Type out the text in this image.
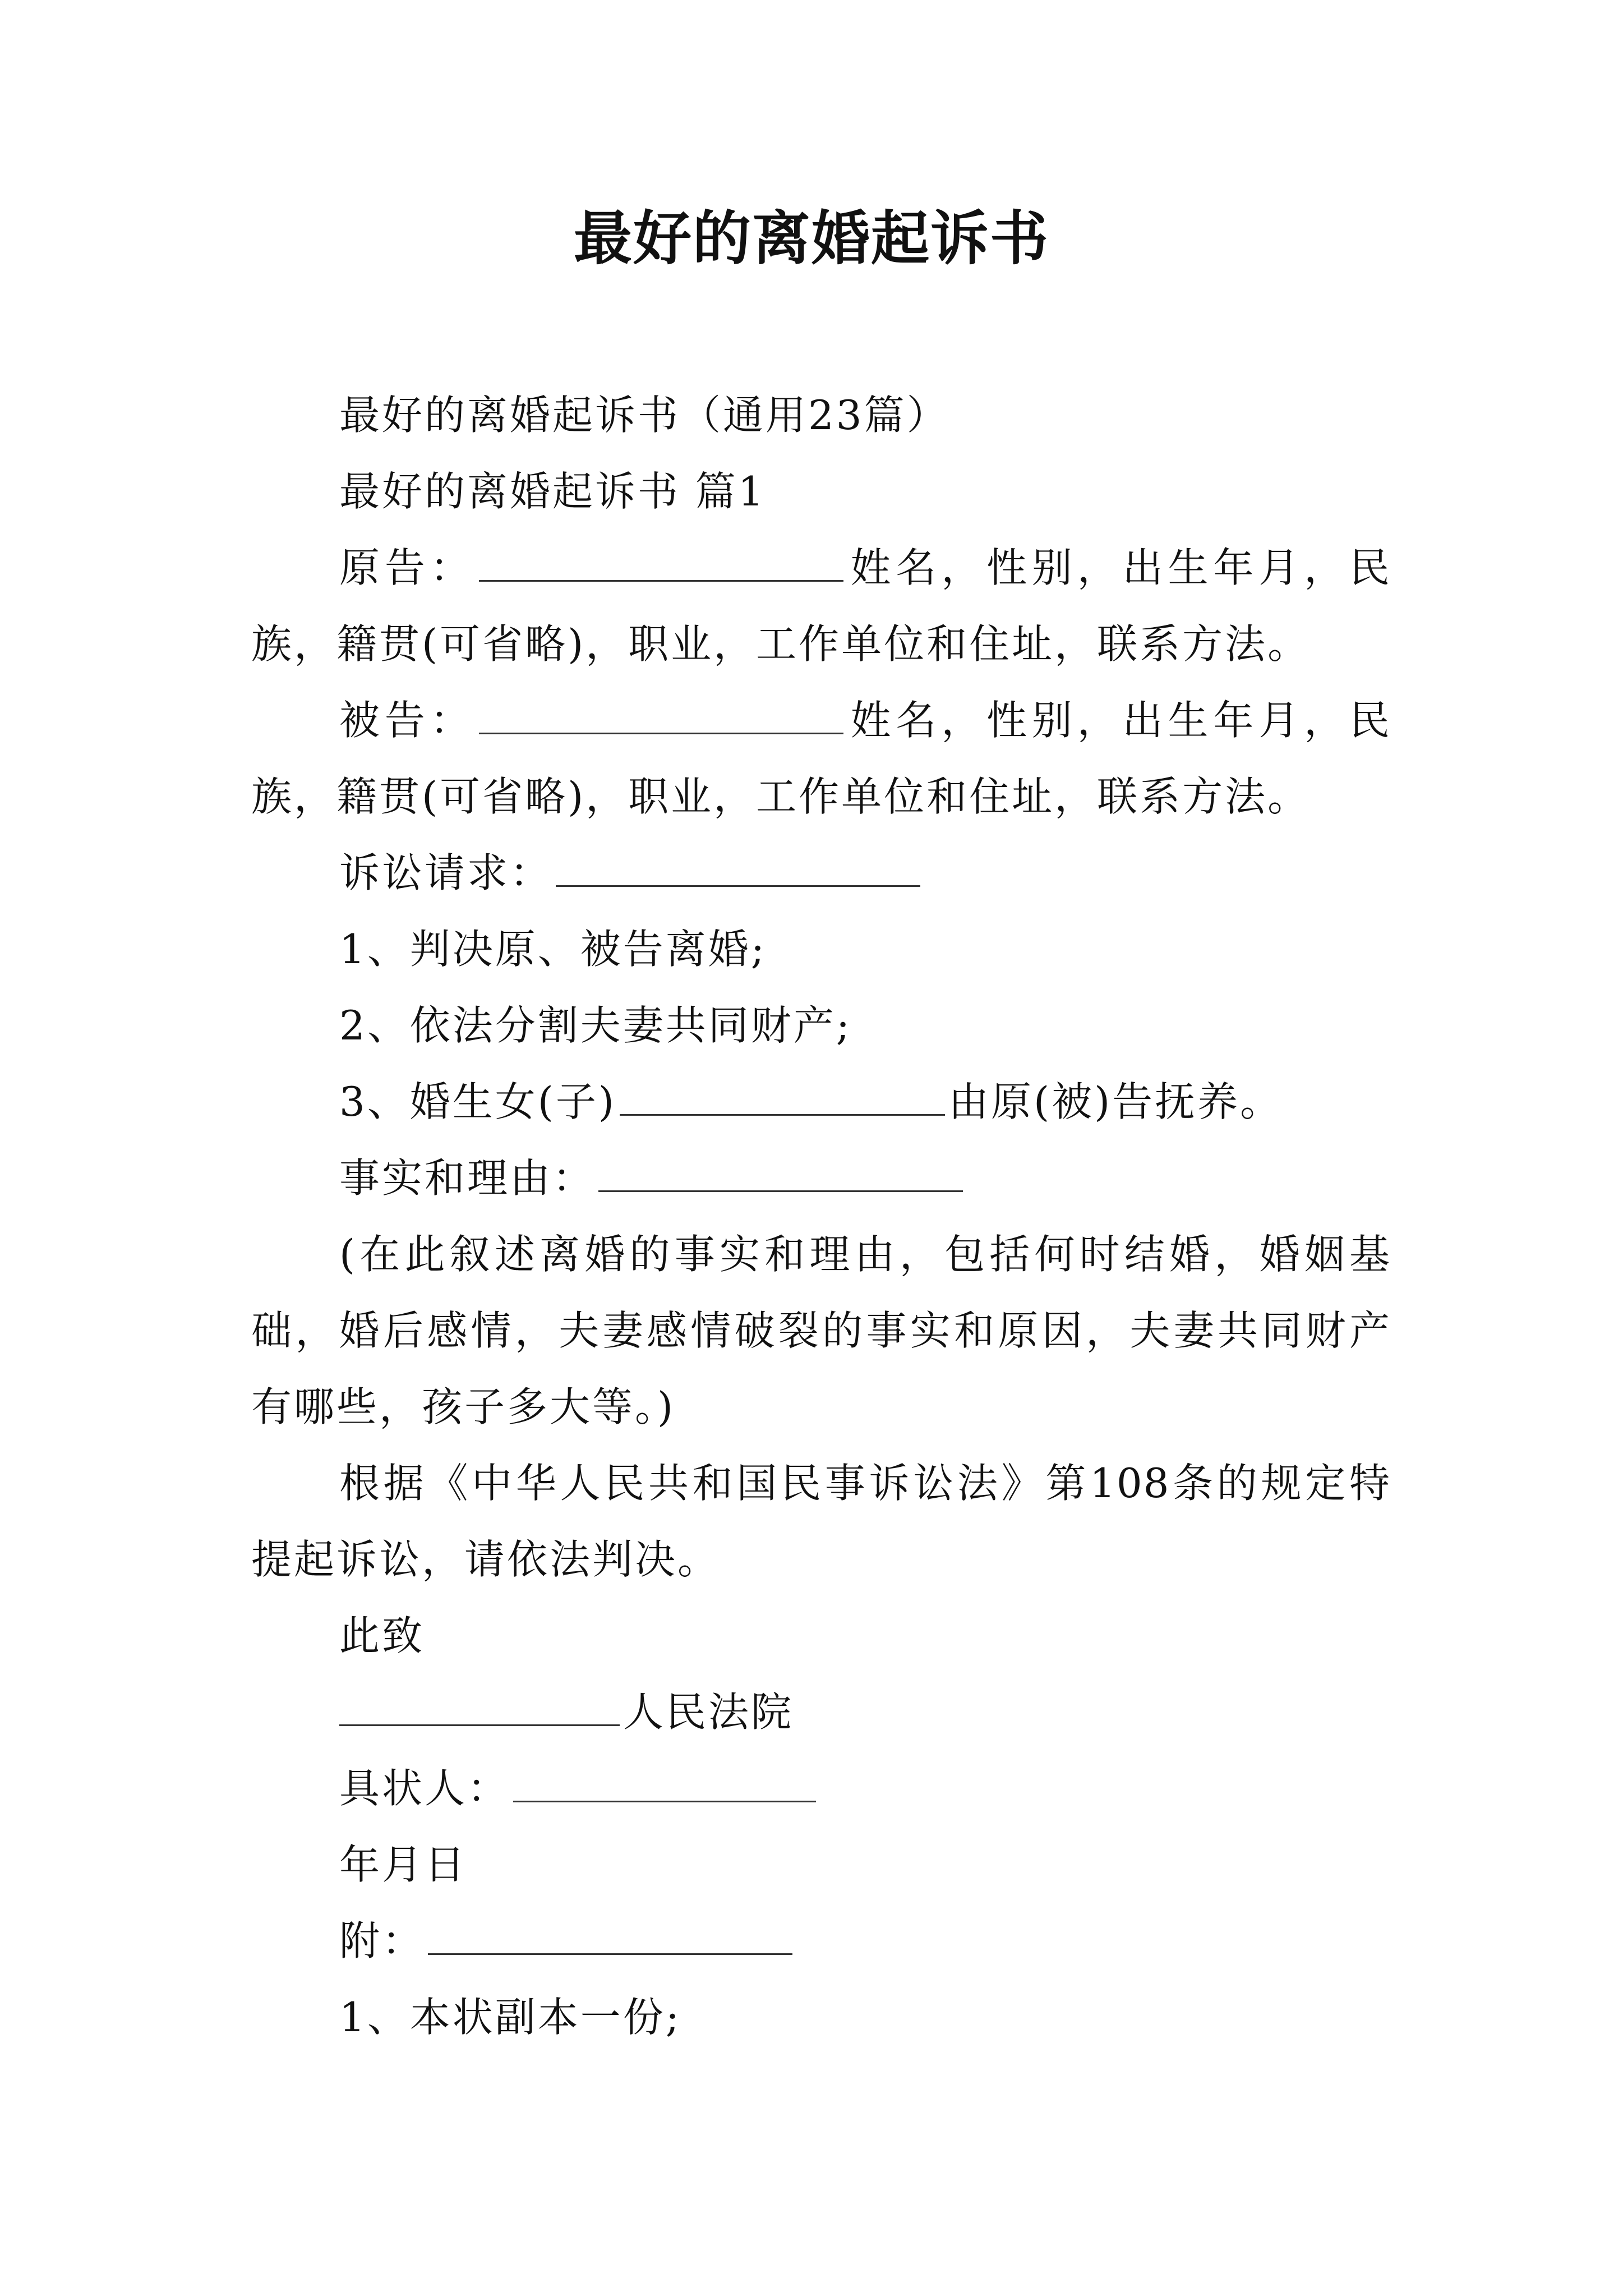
最好的离婚起诉书
最好的离婚起诉书（通用23篇）
最好的离婚起诉书 篇1
原告：	姓名，性别，出生年月，民
族，籍贯(可省略)，职业，工作单位和住址，联系方法。
被告：	姓名，性别，出生年月，民
族，籍贯(可省略)，职业，工作单位和住址，联系方法。
诉讼请求：
1、判决原、被告离婚;
2、依法分割夫妻共同财产;
3、婚生女(子)	由原(被)告抚养。
事实和理由：
(在此叙述离婚的事实和理由，包括何时结婚，婚姻基
础，婚后感情，夫妻感情破裂的事实和原因，夫妻共同财产
有哪些，孩子多大等。)
根据《中华人民共和国民事诉讼法》第108条的规定特
提起诉讼，请依法判决。
此致
人民法院
具状人：
年月日
附：
1、本状副本一份;
